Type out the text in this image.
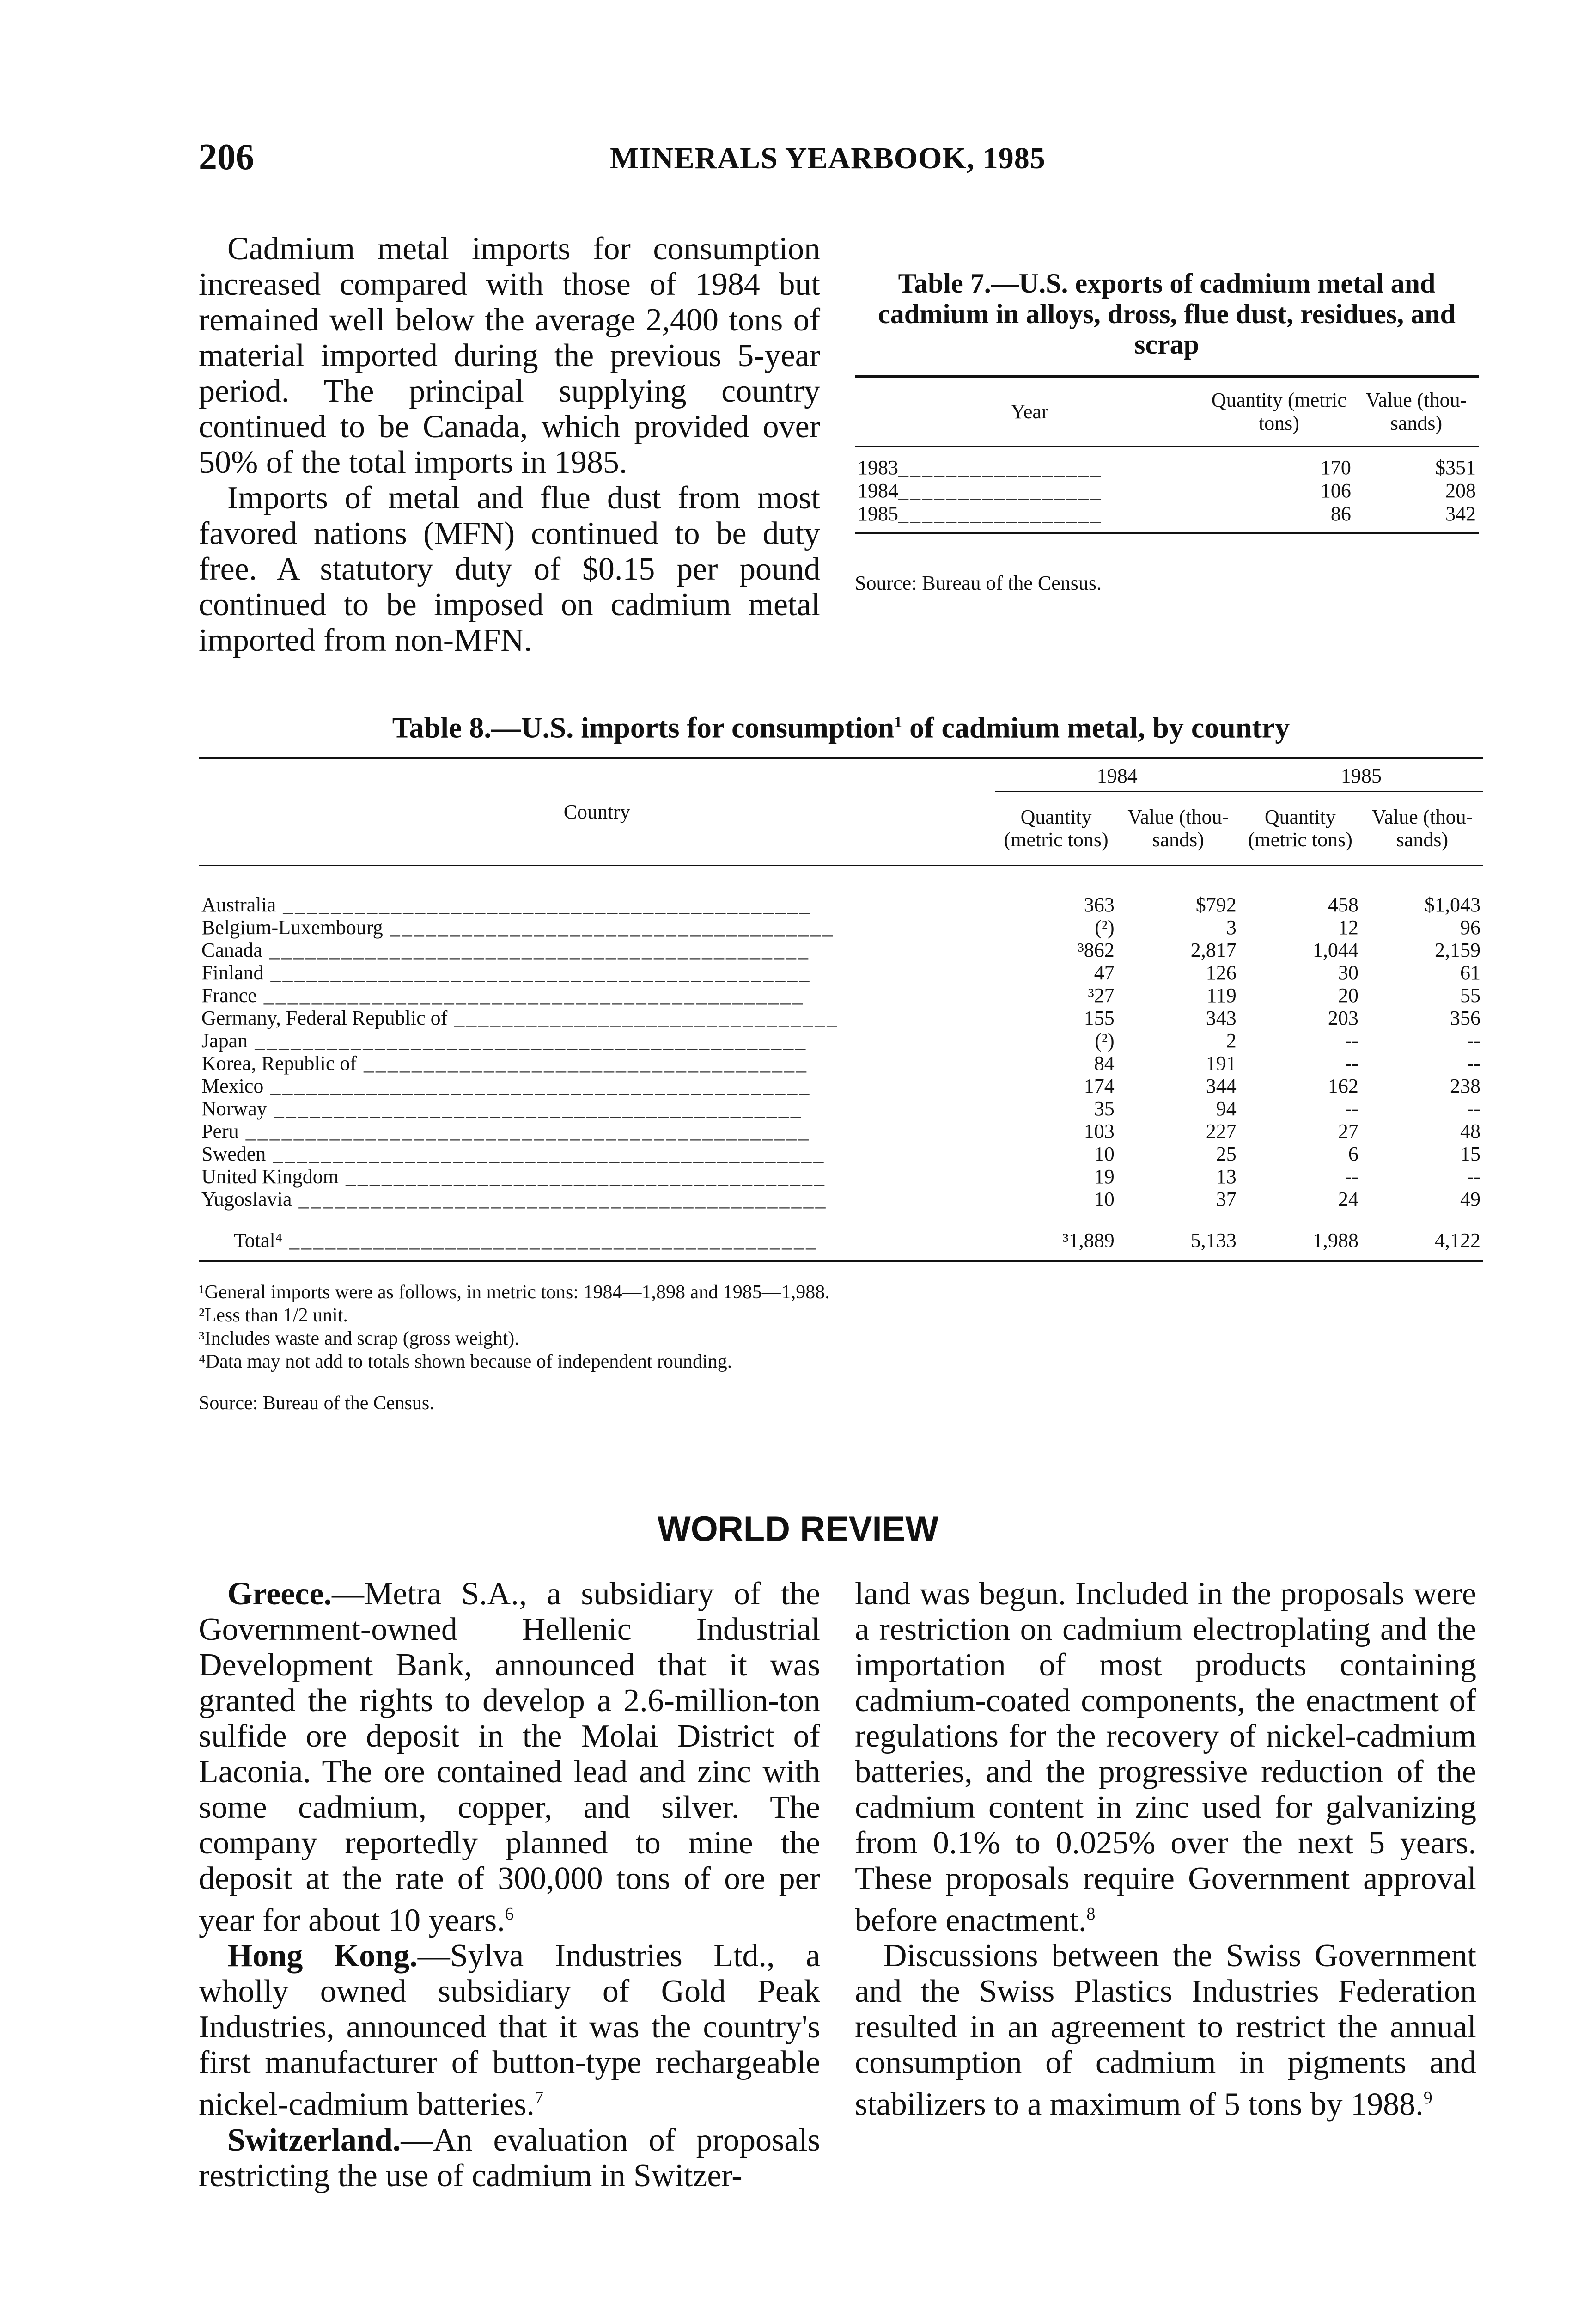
206	MINERALS YEARBOOK, 1985

Cadmium metal imports for consumption increased compared with those of 1984 but remained well below the average 2,400 tons of material imported during the previous 5-year period. The principal supplying country continued to be Canada, which provided over 50% of the total imports in 1985.

Imports of metal and flue dust from most favored nations (MFN) continued to be duty free. A statutory duty of $0.15 per pound continued to be imposed on cadmium metal imported from non-MFN.

Table 7.—U.S. exports of cadmium metal and cadmium in alloys, dross, flue dust, residues, and scrap
Year	Quantity (metric tons)	Value (thou-sands)

1983_________________	170	$351
1984_________________	106	208
1985_________________	86	342
Source: Bureau of the Census.
Table 8.—U.S. imports for consumption$^1$ of cadmium metal, by country
Country	1984		1985	
	Quantity (metric tons)	Value (thou-sands)	Quantity (metric tons)	Value (thou-sands)

Australia ____________________________________________	363	$792	458	$1,043
Belgium-Luxembourg _____________________________________	(²)	3	12	96
Canada _____________________________________________	³862	2,817	1,044	2,159
Finland _____________________________________________	47	126	30	61
France _____________________________________________	³27	119	20	55
Germany, Federal Republic of ________________________________	155	343	203	356
Japan ______________________________________________	(²)	2	--	--
Korea, Republic of _____________________________________	84	191	--	--
Mexico _____________________________________________	174	344	162	238
Norway ____________________________________________	35	94	--	--
Peru _______________________________________________	103	227	27	48
Sweden ______________________________________________	10	25	6	15
United Kingdom ________________________________________	19	13	--	--
Yugoslavia ____________________________________________	10	37	24	49

Total⁴ ____________________________________________	³1,889	5,133	1,988	4,122
¹General imports were as follows, in metric tons: 1984—1,898 and 1985—1,988.
²Less than 1/2 unit.
³Includes waste and scrap (gross weight).
⁴Data may not add to totals shown because of independent rounding.
Source: Bureau of the Census.
WORLD REVIEW

Greece.—Metra S.A., a subsidiary of the Government-owned Hellenic Industrial Development Bank, announced that it was granted the rights to develop a 2.6-million-ton sulfide ore deposit in the Molai District of Laconia. The ore contained lead and zinc with some cadmium, copper, and silver. The company reportedly planned to mine the deposit at the rate of 300,000 tons of ore per year for about 10 years.$^6$

Hong Kong.—Sylva Industries Ltd., a wholly owned subsidiary of Gold Peak Industries, announced that it was the country's first manufacturer of button-type rechargeable nickel-cadmium batteries.$^7$

Switzerland.—An evaluation of proposals restricting the use of cadmium in Switzer-

land was begun. Included in the proposals were a restriction on cadmium electroplating and the importation of most products containing cadmium-coated components, the enactment of regulations for the recovery of nickel-cadmium batteries, and the progressive reduction of the cadmium content in zinc used for galvanizing from 0.1% to 0.025% over the next 5 years. These proposals require Government approval before enactment.$^8$

Discussions between the Swiss Government and the Swiss Plastics Industries Federation resulted in an agreement to restrict the annual consumption of cadmium in pigments and stabilizers to a maximum of 5 tons by 1988.$^9$
